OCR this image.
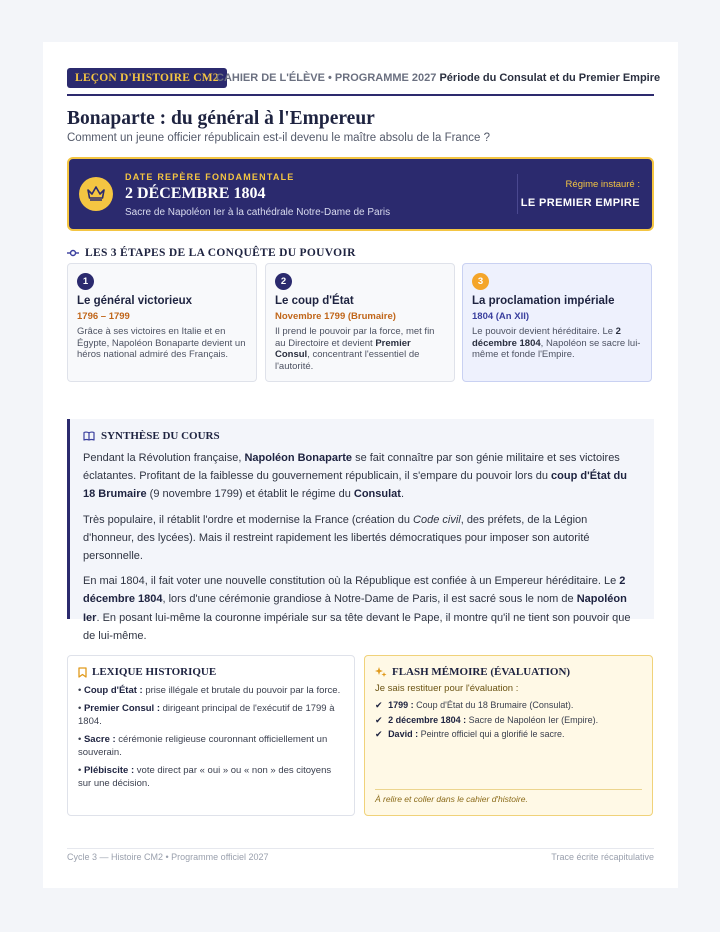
LEÇON D'HISTOIRE CM2
CAHIER DE L'ÉLÈVE • PROGRAMME 2027 Période du Consulat et du Premier Empire
Bonaparte : du général à l'Empereur
Comment un jeune officier républicain est-il devenu le maître absolu de la France ?
DATE REPÈRE FONDAMENTALE
2 DÉCEMBRE 1804
Sacre de Napoléon Ier à la cathédrale Notre-Dame de Paris
Régime instauré :
LE PREMIER EMPIRE
LES 3 ÉTAPES DE LA CONQUÊTE DU POUVOIR
1
Le général victorieux
1796 – 1799
Grâce à ses victoires en Italie et en Égypte, Napoléon Bonaparte devient un héros national admiré des Français.
2
Le coup d'État
Novembre 1799 (Brumaire)
Il prend le pouvoir par la force, met fin au Directoire et devient Premier Consul, concentrant l'essentiel de l'autorité.
3
La proclamation impériale
1804 (An XII)
Le pouvoir devient héréditaire. Le 2 décembre 1804, Napoléon se sacre lui-même et fonde l'Empire.
SYNTHÈSE DU COURS

Pendant la Révolution française, Napoléon Bonaparte se fait connaître par son génie militaire et ses victoires éclatantes. Profitant de la faiblesse du gouvernement républicain, il s'empare du pouvoir lors du coup d'État du 18 Brumaire (9 novembre 1799) et établit le régime du Consulat.

Très populaire, il rétablit l'ordre et modernise la France (création du Code civil, des préfets, de la Légion d'honneur, des lycées). Mais il restreint rapidement les libertés démocratiques pour imposer son autorité personnelle.

En mai 1804, il fait voter une nouvelle constitution où la République est confiée à un Empereur héréditaire. Le 2 décembre 1804, lors d'une cérémonie grandiose à Notre-Dame de Paris, il est sacré sous le nom de Napoléon Ier. En posant lui-même la couronne impériale sur sa tête devant le Pape, il montre qu'il ne tient son pouvoir que de lui-même.

LEXIQUE HISTORIQUE
• Coup d'État : prise illégale et brutale du pouvoir par la force.
• Premier Consul : dirigeant principal de l'exécutif de 1799 à 1804.
• Sacre : cérémonie religieuse couronnant officiellement un souverain.
• Plébiscite : vote direct par « oui » ou « non » des citoyens sur une décision.
FLASH MÉMOIRE (ÉVALUATION)
Je sais restituer pour l'évaluation :
✔ 1799 : Coup d'État du 18 Brumaire (Consulat).
✔ 2 décembre 1804 : Sacre de Napoléon Ier (Empire).
✔ David : Peintre officiel qui a glorifié le sacre.
À relire et coller dans le cahier d'histoire.
Cycle 3 — Histoire CM2 • Programme officiel 2027	Trace écrite récapitulative
